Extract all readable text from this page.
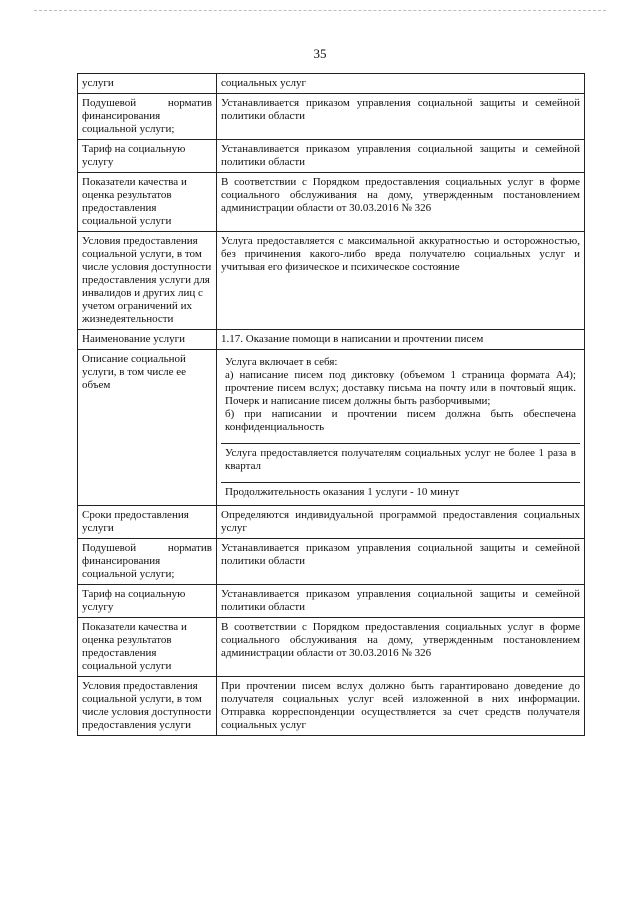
35
услуги	социальных услуг

Подушевой норматив
финансирования
социальной услуги;	Устанавливается приказом управления социальной защиты и семейной политики области
Тариф на социальную услугу	Устанавливается приказом управления социальной защиты и семейной политики области
Показатели качества и оценка результатов предоставления социальной услуги	В соответствии с Порядком предоставления социальных услуг в форме социального обслуживания на дому, утвержденным постановлением администрации области от 30.03.2016 № 326
Условия предоставления социальной услуги, в том числе условия доступности предоставления услуги для инвалидов и других лиц с учетом ограничений их жизнедеятельности	Услуга предоставляется с максимальной аккуратностью и осторожностью, без причинения какого-либо вреда получателю социальных услуг и учитывая его физическое и психическое состояние
Наименование услуги	1.17. Оказание помощи в написании и прочтении писем
Описание социальной услуги, в том числе ее объем	Услуга включает в себя:
а) написание писем под диктовку (объемом 1 страница формата А4); прочтение писем вслух; доставку письма на почту или в почтовый ящик. Почерк и написание писем должны быть разборчивыми;
б) при написании и прочтении писем должна быть обеспечена конфиденциальность
Услуга предоставляется получателям социальных услуг не более 1 раза в квартал
Продолжительность оказания 1 услуги - 10 минут

Сроки предоставления услуги	Определяются индивидуальной программой предоставления социальных услуг

Подушевой норматив
финансирования
социальной услуги;	Устанавливается приказом управления социальной защиты и семейной политики области
Тариф на социальную услугу	Устанавливается приказом управления социальной защиты и семейной политики области
Показатели качества и оценка результатов предоставления социальной услуги	В соответствии с Порядком предоставления социальных услуг в форме социального обслуживания на дому, утвержденным постановлением администрации области от 30.03.2016 № 326
Условия предоставления социальной услуги, в том числе условия доступности предоставления услуги	При прочтении писем вслух должно быть гарантировано доведение до получателя социальных услуг всей изложенной в них информации. Отправка корреспонденции осуществляется за счет средств получателя социальных услуг
